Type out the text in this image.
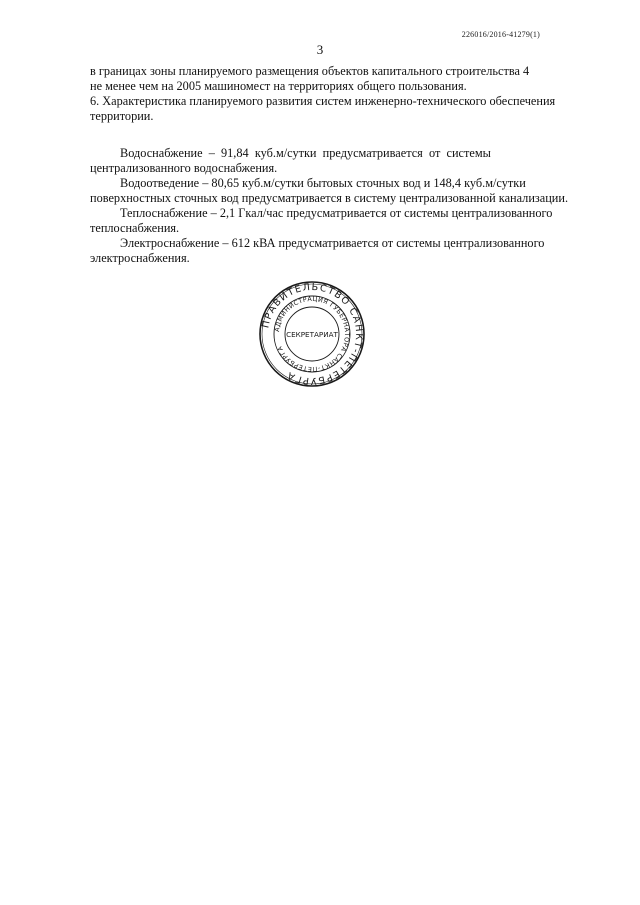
226016/2016-41279(1)
3

в границах зоны планируемого размещения объектов капитального строительства 4
не менее чем на 2005 машиномест на территориях общего пользования.

6. Характеристика планируемого развития систем инженерно-технического обеспечения
территории.

Водоснабжение  –  91,84  куб.м/сутки  предусматривается  от  системы
централизованного водоснабжения.

Водоотведение – 80,65 куб.м/сутки бытовых сточных вод и 148,4 куб.м/сутки
поверхностных сточных вод предусматривается в систему централизованной канализации.

Теплоснабжение – 2,1 Гкал/час предусматривается от системы централизованного
теплоснабжения.

Электроснабжение – 612 кВА предусматривается от системы централизованного
электроснабжения.

ПРАВИТЕЛЬСТВО САНКТ-ПЕТЕРБУРГА
АДМИНИСТРАЦИЯ ГУБЕРНАТОРА САНКТ-ПЕТЕРБУРГА
СЕКРЕТАРИАТ
